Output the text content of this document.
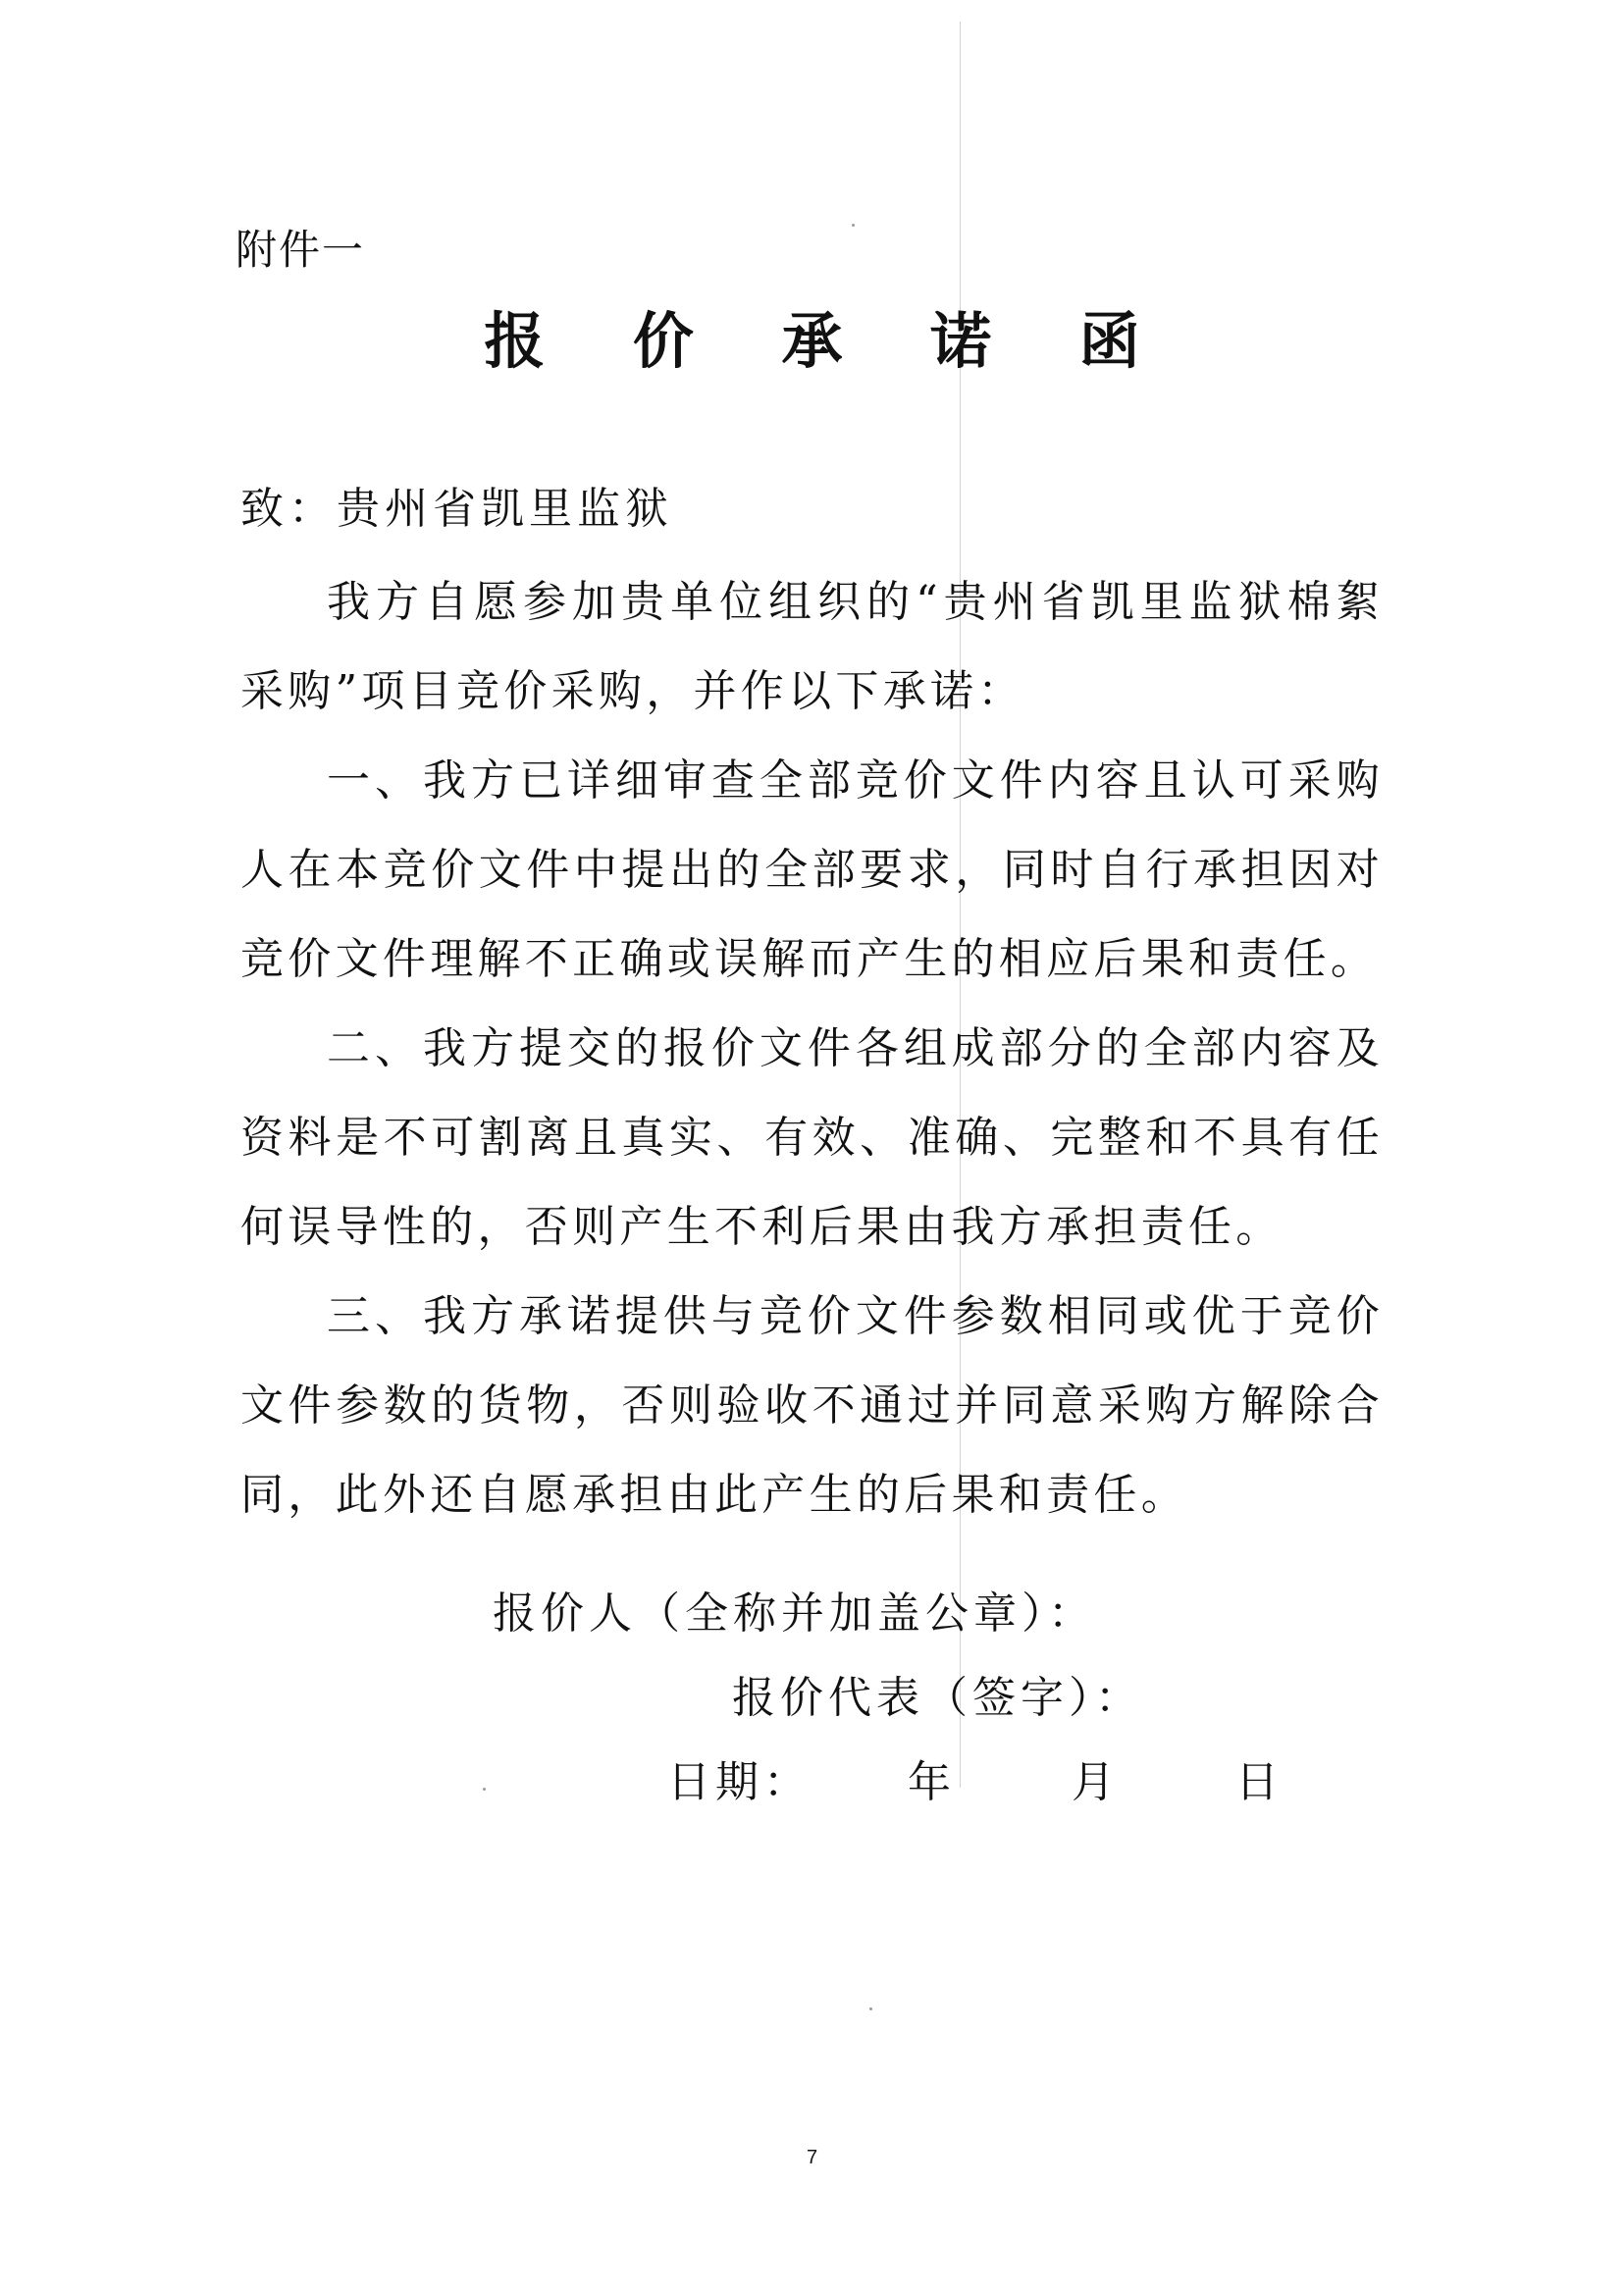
附件一
报 价 承 诺 函
致：贵州省凯里监狱

我方自愿参加贵单位组织的“贵州省凯里监狱棉絮采购”项目竞价采购，并作以下承诺：

一、我方已详细审查全部竞价文件内容且认可采购人在本竞价文件中提出的全部要求，同时自行承担因对竞价文件理解不正确或误解而产生的相应后果和责任。

二、我方提交的报价文件各组成部分的全部内容及资料是不可割离且真实、有效、准确、完整和不具有任何误导性的，否则产生不利后果由我方承担责任。

三、我方承诺提供与竞价文件参数相同或优于竞价文件参数的货物，否则验收不通过并同意采购方解除合同，此外还自愿承担由此产生的后果和责任。

报价人（全称并加盖公章）：
报价代表（签字）：
日期： 年	月	日
7
